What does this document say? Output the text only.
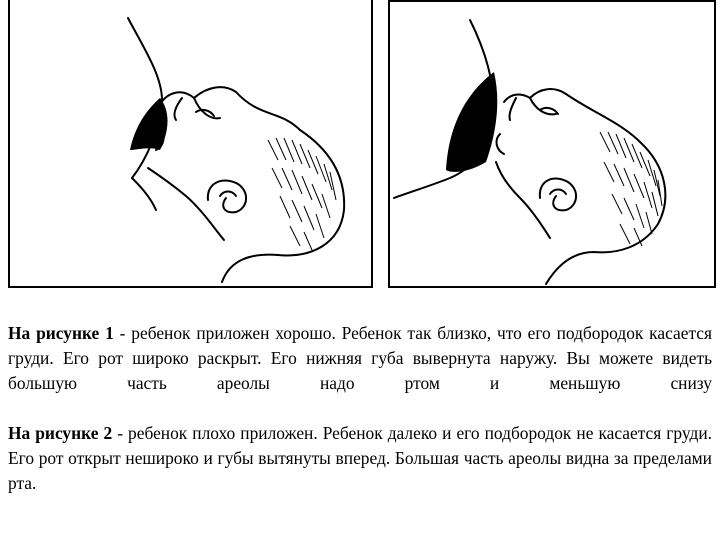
На рисунке 1 - ребенок приложен хорошо. Ребенок так близко, что его подбородок касается груди. Его рот широко раскрыт. Его нижняя губа вывернута наружу. Вы можете видеть большую часть ареолы надо ртом и меньшую снизу

На рисунке 2 - ребенок плохо приложен. Ребенок далеко и его подбородок не касается груди. Его рот открыт нешироко и губы вытянуты вперед. Большая часть ареолы видна за пределами рта.
